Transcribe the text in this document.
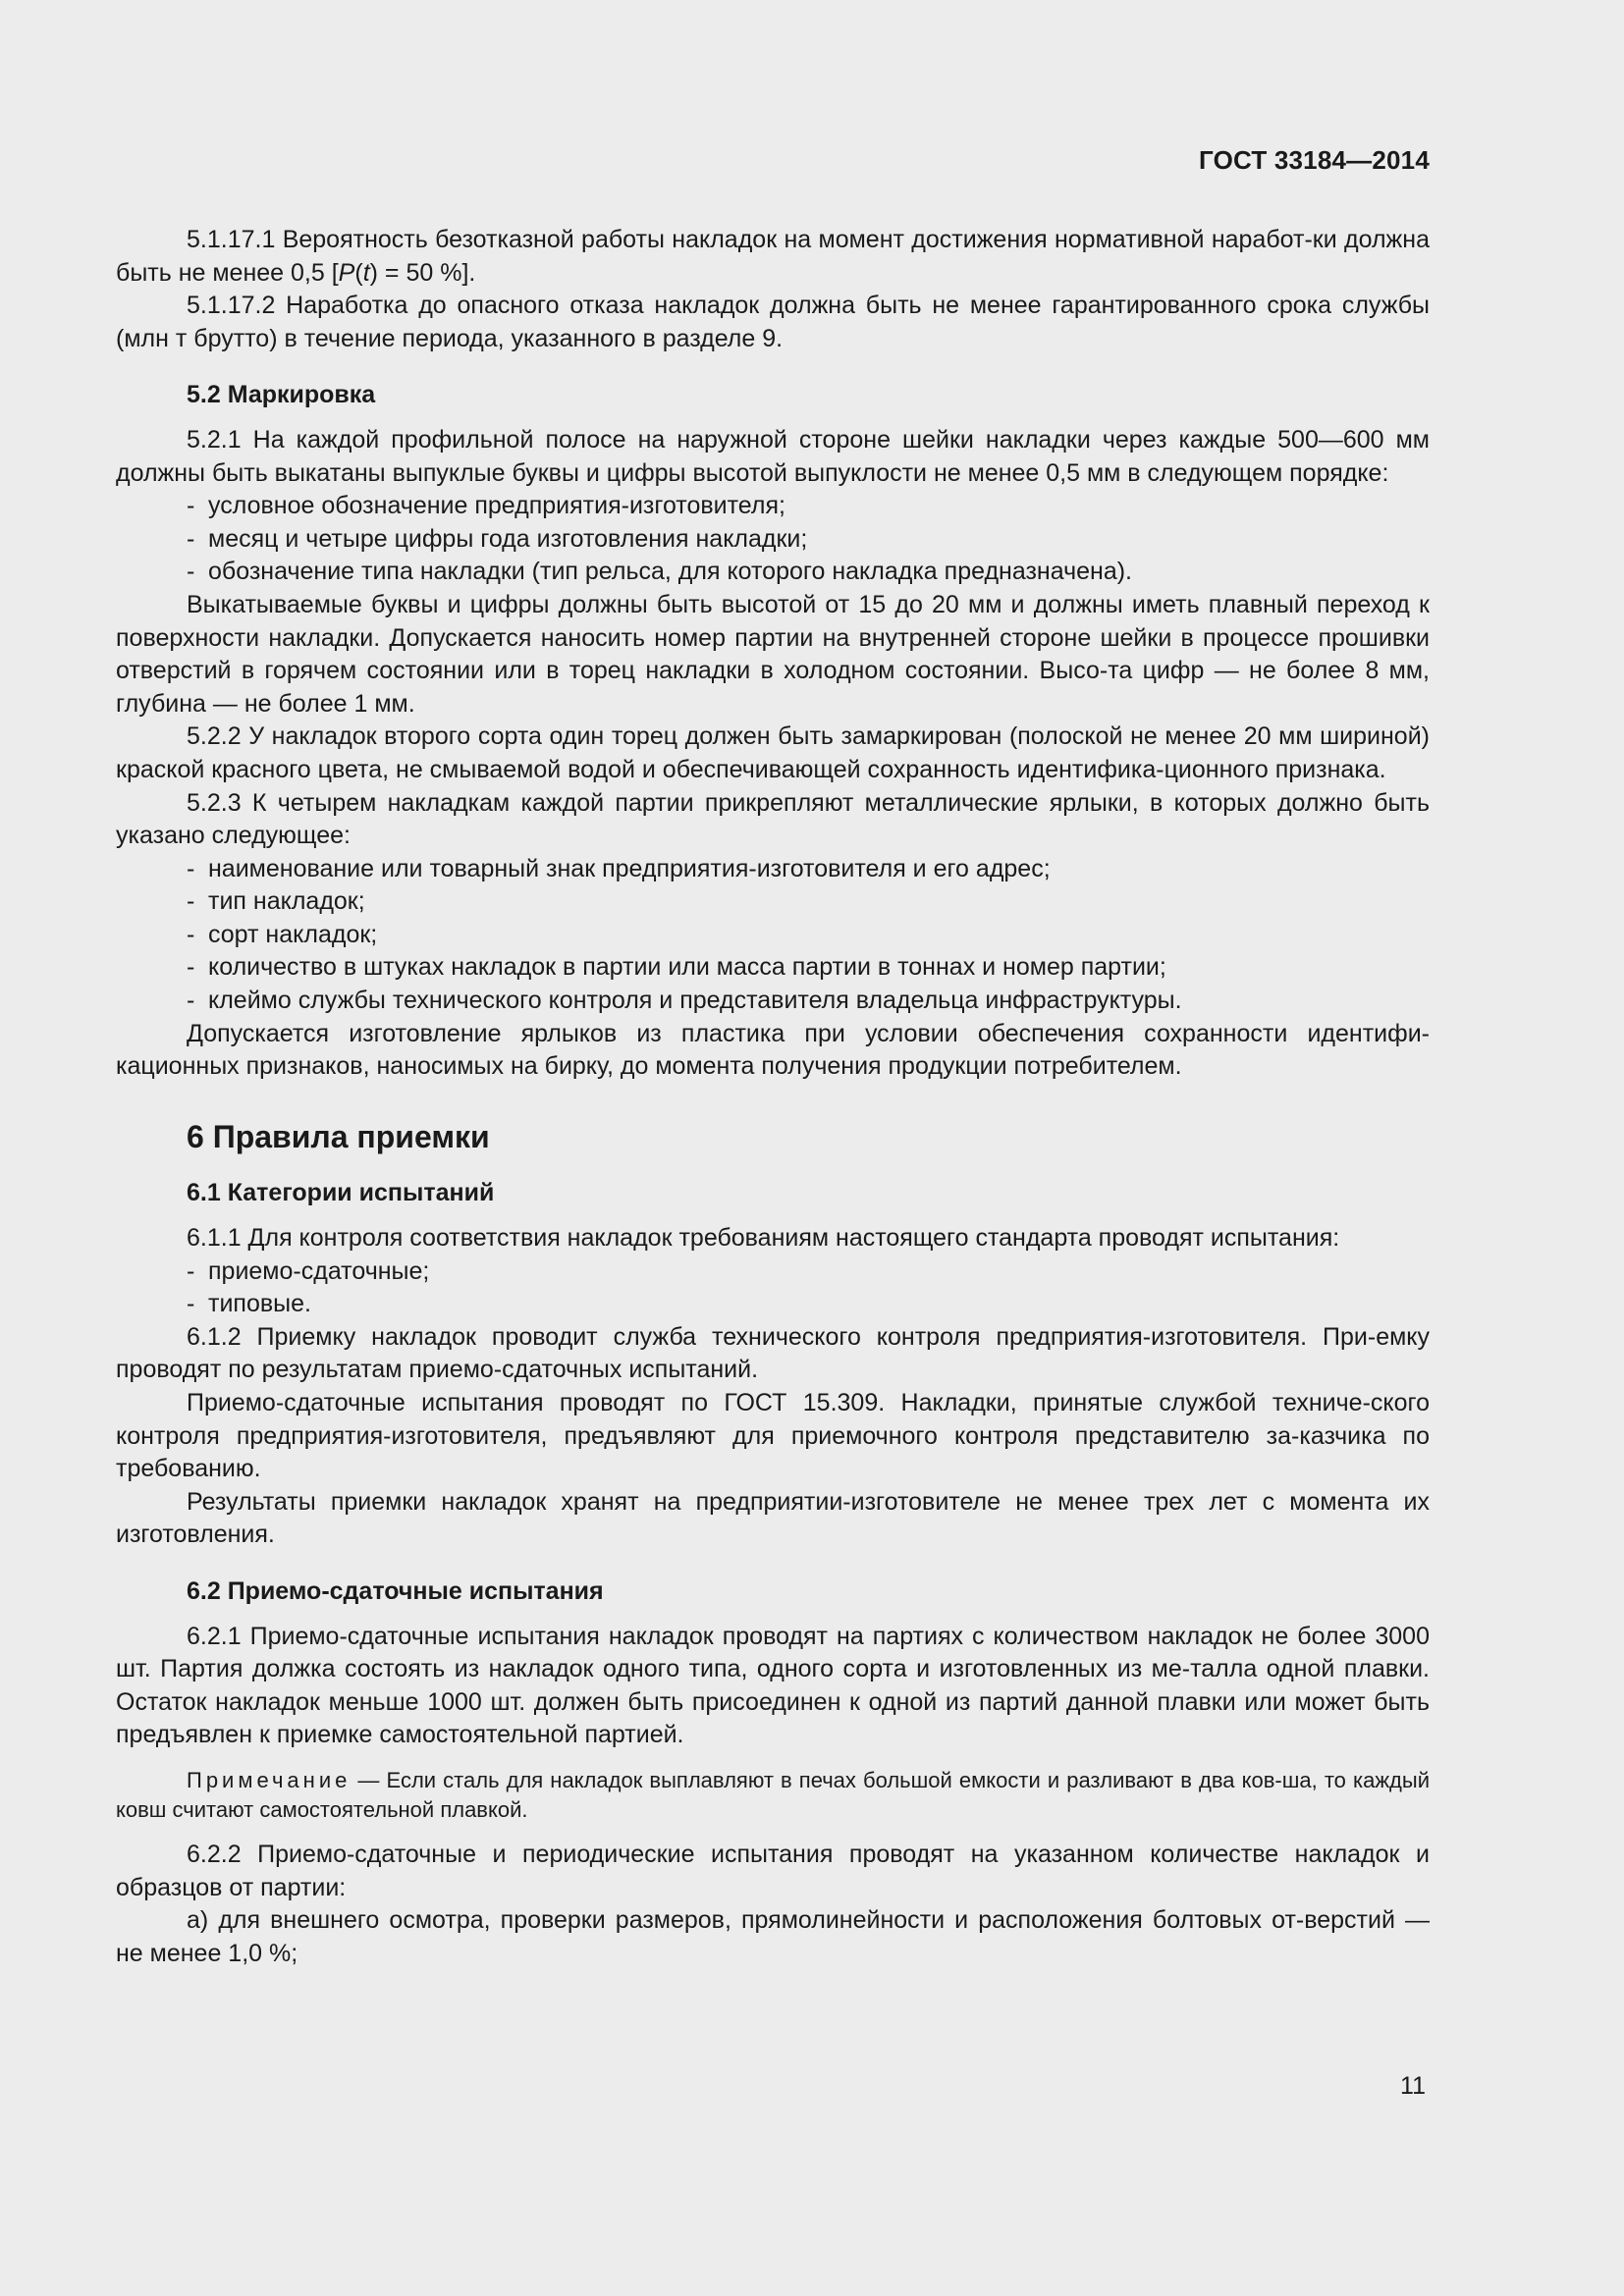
ГОСТ 33184—2014

5.1.17.1 Вероятность безотказной работы накладок на момент достижения нормативной наработ-ки должна быть не менее 0,5 [P(t) = 50 %].

5.1.17.2 Наработка до опасного отказа накладок должна быть не менее гарантированного срока службы (млн т брутто) в течение периода, указанного в разделе 9.

5.2 Маркировка

5.2.1 На каждой профильной полосе на наружной стороне шейки накладки через каждые 500—600 мм должны быть выкатаны выпуклые буквы и цифры высотой выпуклости не менее 0,5 мм в следующем порядке:

- условное обозначение предприятия-изготовителя;

- месяц и четыре цифры года изготовления накладки;

- обозначение типа накладки (тип рельса, для которого накладка предназначена).

Выкатываемые буквы и цифры должны быть высотой от 15 до 20 мм и должны иметь плавный переход к поверхности накладки. Допускается наносить номер партии на внутренней стороне шейки в процессе прошивки отверстий в горячем состоянии или в торец накладки в холодном состоянии. Высо-та цифр — не более 8 мм, глубина — не более 1 мм.

5.2.2 У накладок второго сорта один торец должен быть замаркирован (полоской не менее 20 мм шириной) краской красного цвета, не смываемой водой и обеспечивающей сохранность идентифика-ционного признака.

5.2.3 К четырем накладкам каждой партии прикрепляют металлические ярлыки, в которых должно быть указано следующее:

- наименование или товарный знак предприятия-изготовителя и его адрес;

- тип накладок;

- сорт накладок;

- количество в штуках накладок в партии или масса партии в тоннах и номер партии;

- клеймо службы технического контроля и представителя владельца инфраструктуры.

Допускается изготовление ярлыков из пластика при условии обеспечения сохранности идентифи-кационных признаков, наносимых на бирку, до момента получения продукции потребителем.

6 Правила приемки
6.1 Категории испытаний

6.1.1 Для контроля соответствия накладок требованиям настоящего стандарта проводят испытания:

- приемо-сдаточные;

- типовые.

6.1.2 Приемку накладок проводит служба технического контроля предприятия-изготовителя. При-емку проводят по результатам приемо-сдаточных испытаний.

Приемо-сдаточные испытания проводят по ГОСТ 15.309. Накладки, принятые службой техниче-ского контроля предприятия-изготовителя, предъявляют для приемочного контроля представителю за-казчика по требованию.

Результаты приемки накладок хранят на предприятии-изготовителе не менее трех лет с момента их изготовления.

6.2 Приемо-сдаточные испытания

6.2.1 Приемо-сдаточные испытания накладок проводят на партиях с количеством накладок не более 3000 шт. Партия должка состоять из накладок одного типа, одного сорта и изготовленных из ме-талла одной плавки. Остаток накладок меньше 1000 шт. должен быть присоединен к одной из партий данной плавки или может быть предъявлен к приемке самостоятельной партией.

Примечание — Если сталь для накладок выплавляют в печах большой емкости и разливают в два ков-ша, то каждый ковш считают самостоятельной плавкой.

6.2.2 Приемо-сдаточные и периодические испытания проводят на указанном количестве накладок и образцов от партии:

а) для внешнего осмотра, проверки размеров, прямолинейности и расположения болтовых от-верстий — не менее 1,0 %;

11
